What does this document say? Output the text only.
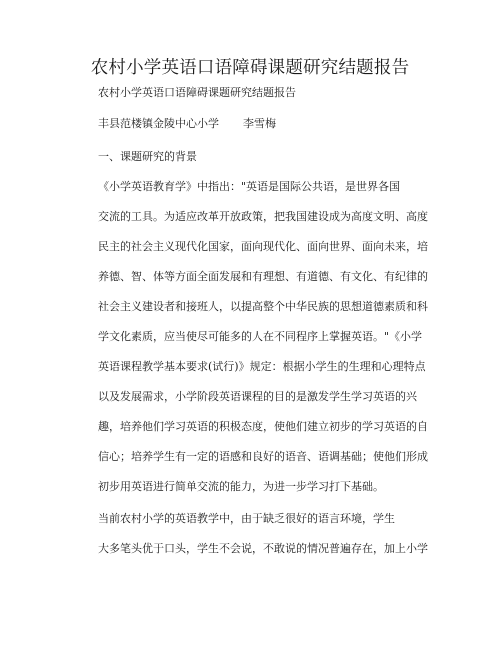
农村小学英语口语障碍课题研究结题报告

农村小学英语口语障碍课题研究结题报告

丰县范楼镇金陵中心小学 李雪梅

一、课题研究的背景

《小学英语教育学》中指出："英语是国际公共语，是世界各国

交流的工具。为适应改革开放政策，把我国建设成为高度文明、高度

民主的社会主义现代化国家，面向现代化、面向世界、面向未来，培

养德、智、体等方面全面发展和有理想、有道德、有文化、有纪律的

社会主义建设者和接班人，以提高整个中华民族的思想道德素质和科

学文化素质，应当使尽可能多的人在不同程序上掌握英语。"《小学

英语课程教学基本要求(试行)》规定：根据小学生的生理和心理特点

以及发展需求，小学阶段英语课程的目的是激发学生学习英语的兴

趣，培养他们学习英语的积极态度，使他们建立初步的学习英语的自

信心；培养学生有一定的语感和良好的语音、语调基础；使他们形成

初步用英语进行简单交流的能力，为进一步学习打下基础。

当前农村小学的英语教学中，由于缺乏很好的语言环境，学生

大多笔头优于口头，学生不会说，不敢说的情况普遍存在，加上小学
